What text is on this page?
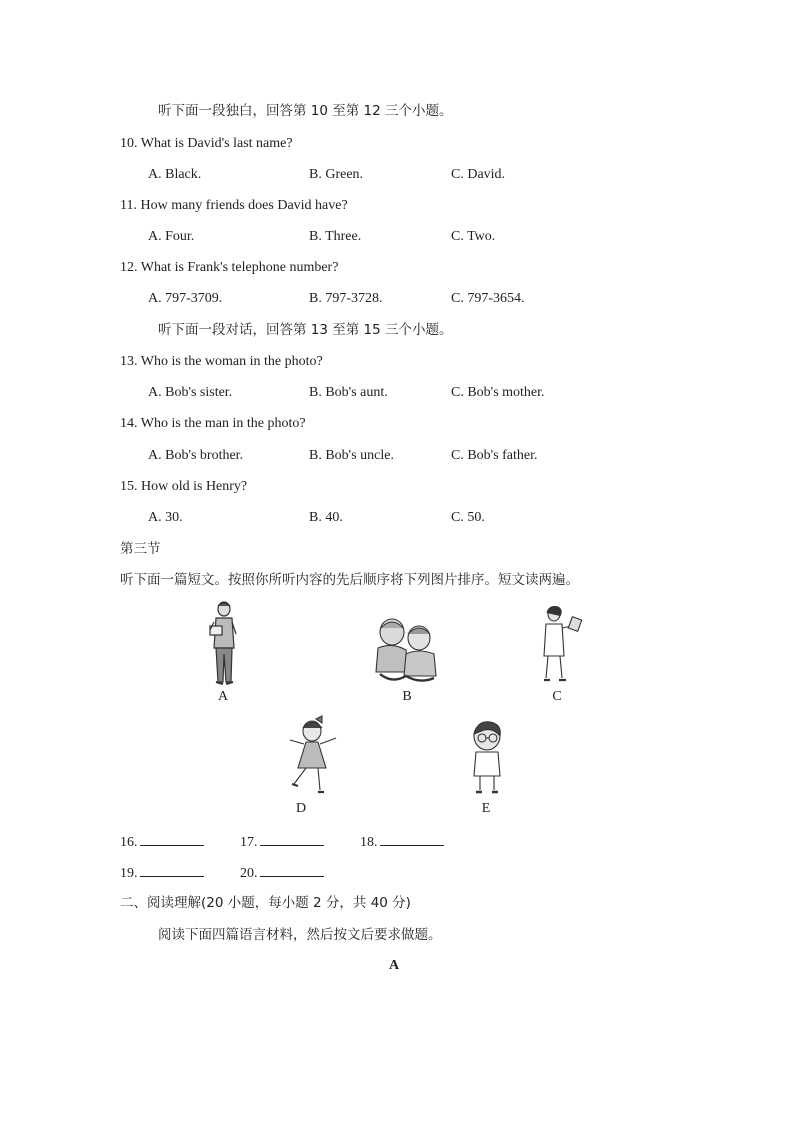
听下面一段独白，回答第 10 至第 12 三个小题。
10. What is David's last name?
A. Black.	B. Green.	C. David.
11. How many friends does David have?
A. Four.	B. Three.	C. Two.
12. What is Frank's telephone number?
A. 797-3709.	B. 797-3728.	C. 797-3654.
听下面一段对话，回答第 13 至第 15 三个小题。
13. Who is the woman in the photo?
A. Bob's sister.	B. Bob's aunt.	C. Bob's mother.
14. Who is the man in the photo?
A. Bob's brother.	B. Bob's uncle.	C. Bob's father.
15. How old is Henry?
A. 30.	B. 40.	C. 50.
第三节
听下面一篇短文。按照你所听内容的先后顺序将下列图片排序。短文读两遍。
A	B	C
D	E
16.	17.	18.
19.	20.
二、阅读理解(20 小题，每小题 2 分，共 40 分)
阅读下面四篇语言材料，然后按文后要求做题。
A
